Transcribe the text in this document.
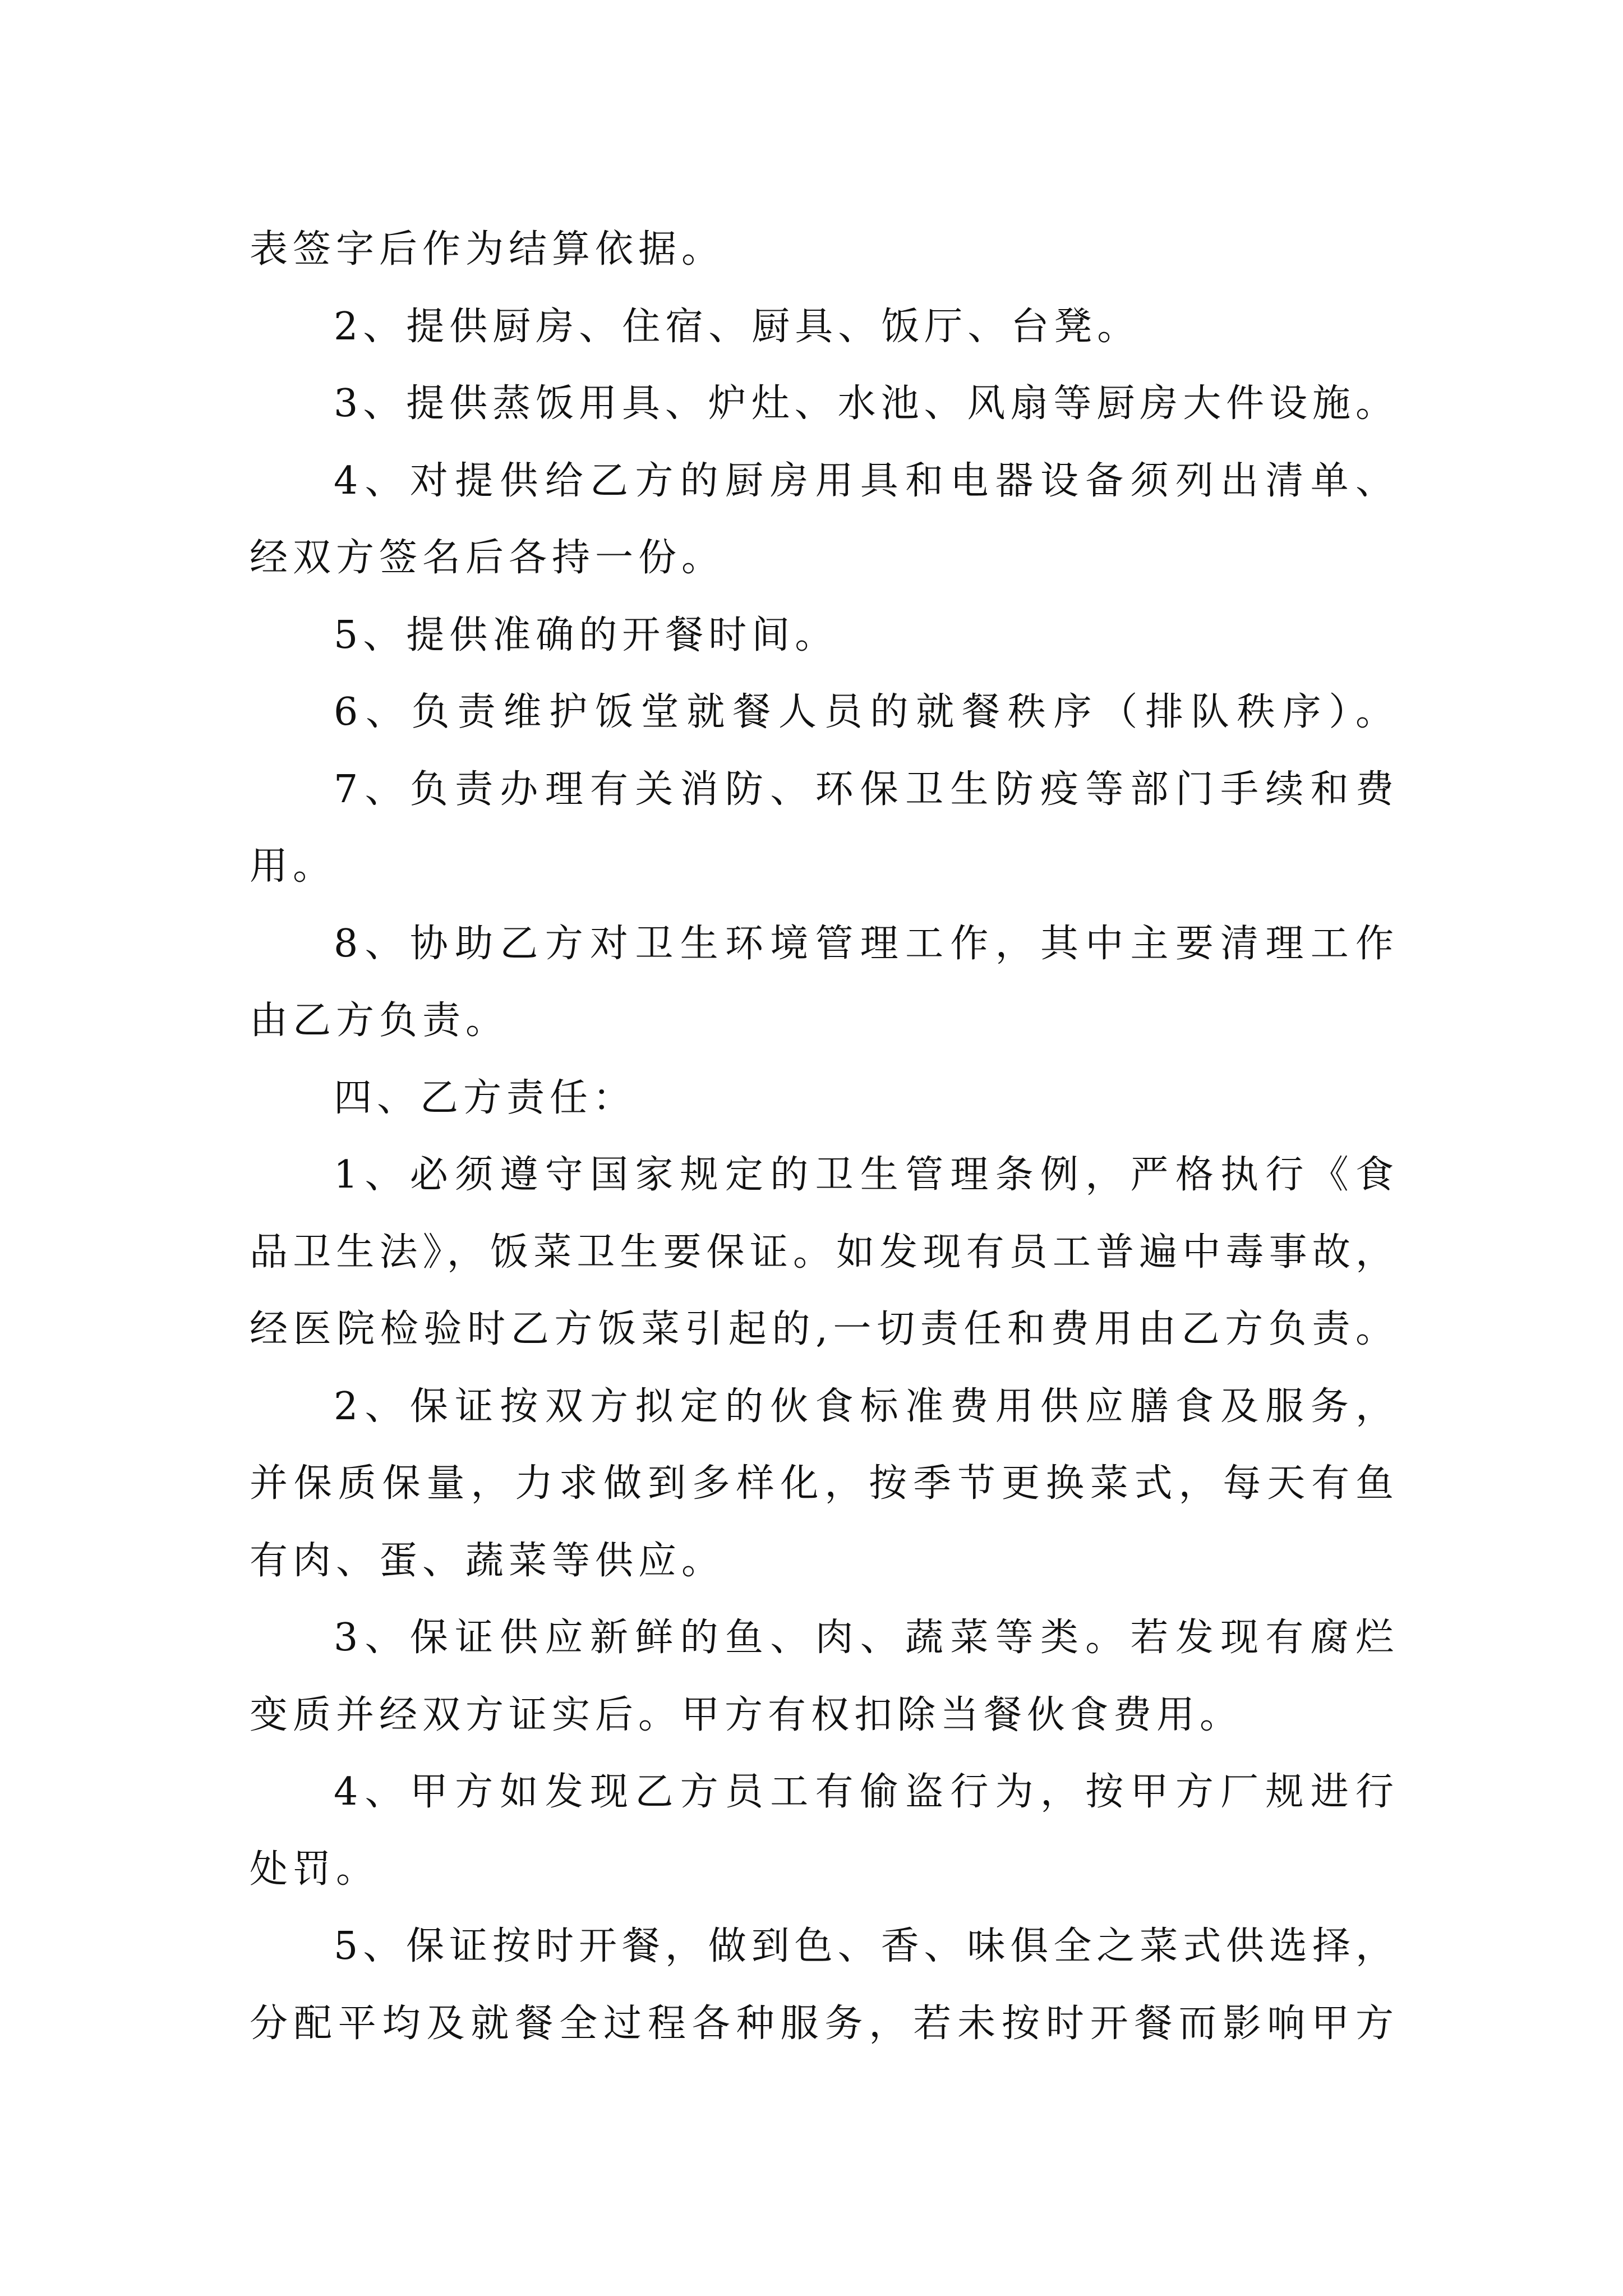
表签字后作为结算依据。
2、提供厨房、住宿、厨具、饭厅、台凳。
3、提供蒸饭用具、炉灶、水池、风扇等厨房大件设施。
4、对提供给乙方的厨房用具和电器设备须列出清单、
经双方签名后各持一份。
5、提供准确的开餐时间。
6、负责维护饭堂就餐人员的就餐秩序（排队秩序）。
7、负责办理有关消防、环保卫生防疫等部门手续和费
用。
8、协助乙方对卫生环境管理工作，其中主要清理工作
由乙方负责。
四、乙方责任：
1、必须遵守国家规定的卫生管理条例，严格执行《食
品卫生法》，饭菜卫生要保证。如发现有员工普遍中毒事故，
经医院检验时乙方饭菜引起的,一切责任和费用由乙方负责。
2、保证按双方拟定的伙食标准费用供应膳食及服务，
并保质保量，力求做到多样化，按季节更换菜式，每天有鱼
有肉、蛋、蔬菜等供应。
3、保证供应新鲜的鱼、肉、蔬菜等类。若发现有腐烂
变质并经双方证实后。甲方有权扣除当餐伙食费用。
4、甲方如发现乙方员工有偷盗行为，按甲方厂规进行
处罚。
5、保证按时开餐，做到色、香、味俱全之菜式供选择，
分配平均及就餐全过程各种服务，若未按时开餐而影响甲方
